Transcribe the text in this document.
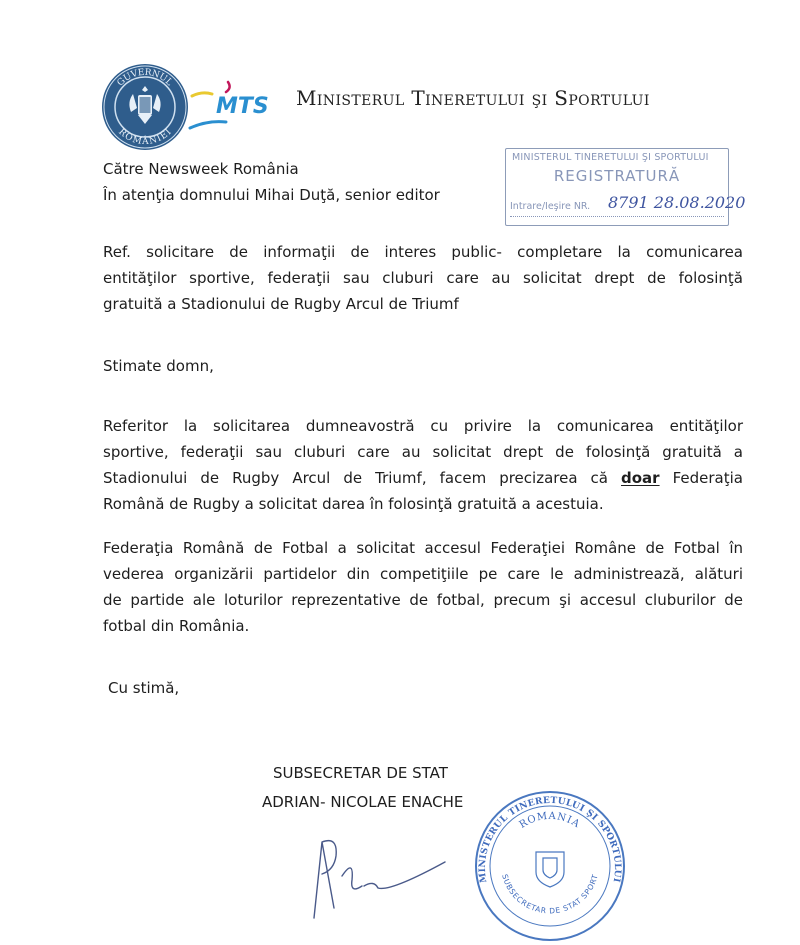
GUVERNUL
ROMÂNIEI
MTS Ministerul Tineretului şi Sportului
MINISTERUL TINERETULUI ŞI SPORTULUI
REGISTRATURĂ
Intrare/Ieşire NR. 8791 28.08.2020
Către Newsweek România
În atenţia domnului Mihai Duţă, senior editor
Ref. solicitare de informaţii de interes public- completare la comunicarea
entităţilor sportive, federaţii sau cluburi care au solicitat drept de folosinţă
gratuită a Stadionului de Rugby Arcul de Triumf
Stimate domn,
Referitor la solicitarea dumneavostră cu privire la comunicarea entităţilor
sportive, federaţii sau cluburi care au solicitat drept de folosinţă gratuită a
Stadionului de Rugby Arcul de Triumf, facem precizarea că doar Federaţia
Română de Rugby a solicitat darea în folosinţă gratuită a acestuia.
Federaţia Română de Fotbal a solicitat accesul Federaţiei Române de Fotbal în
vederea organizării partidelor din competiţiile pe care le administrează, alături
de partide ale loturilor reprezentative de fotbal, precum şi accesul cluburilor de
fotbal din România.
Cu stimă,
SUBSECRETAR DE STAT
ADRIAN- NICOLAE ENACHE
MINISTERUL TINERETULUI ŞI SPORTULUI
ROMANIA
SUBSECRETAR DE STAT SPORT
